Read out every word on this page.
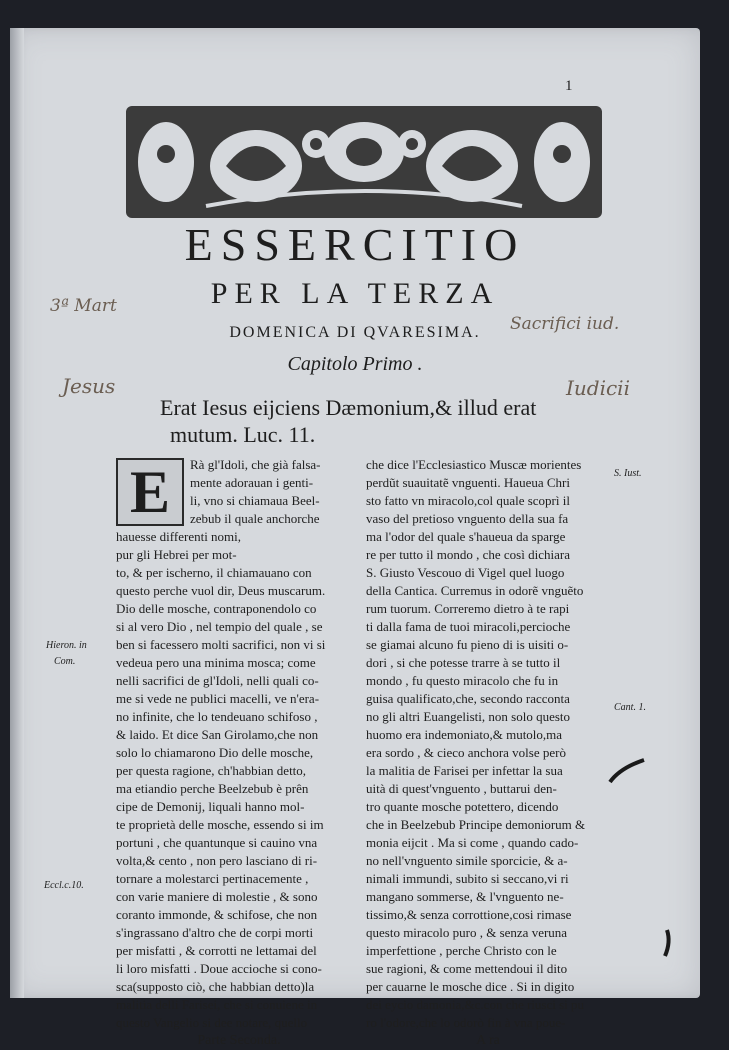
1
ESSERCITIO
PER LA TERZA
DOMENICA DI QVARESIMA.
Capitolo Primo .
3ª Mart
Sacrifici iud.
Jesus	Iudicii
Erat Iesus eijciens Dæmonium,& illud erat
mutum. Luc. 11.
Hieron. in
Com.
Eccl.c.10.
S. Iust.
Cant. 1.
E	Rà gl'Idoli, che già falsa-
mente adorauan i genti-
li, vno si chiamaua Beel-
zebub il quale anchorche
hauesse differenti nomi,
pur gli Hebrei per mot-
to, & per ischerno, il chiamauano con
questo perche vuol dir, Deus muscarum.
Dio delle mosche, contraponendolo co
si al vero Dio , nel tempio del quale , se
ben si facessero molti sacrifici, non vi si
vedeua pero una minima mosca; come
nelli sacrifici de gl'Idoli, nelli quali co-
me si vede ne publici macelli, ve n'era-
no infinite, che lo tendeuano schifoso ,
& laido. Et dice San Girolamo,che non
solo lo chiamarono Dio delle mosche,
per questa ragione, ch'habbian detto,
ma etiandio perche Beelzebub è prên
cipe de Demonij, liquali hanno mol-
te proprietà delle mosche, essendo si im
portuni , che quantunque si cauino vna
volta,& cento , non pero lasciano di ri-
tornare a molestarci pertinacemente ,
con varie maniere di molestie , & sono
coranto immonde, & schifose, che non
s'ingrassano d'altro che de corpi morti
per misfatti , & corrotti ne lettamai del
li loro misfatti . Doue accioche si cono-
sca(supposto ciò, che habbian detto)la
malitia delli Farisei, che si conuiene in
questo Vangelio si dee notare, quello
Parte Seconda.
che dice l'Ecclesiastico Muscæ morientes
perdũt suauitatẽ vnguenti. Haueua Chri
sto fatto vn miracolo,col quale scoprì il
vaso del pretioso vnguento della sua fa
ma l'odor del quale s'haueua da sparge
re per tutto il mondo , che così dichiara
S. Giusto Vescouo di Vigel quel luogo
della Cantica. Curremus in odorẽ vnguẽto
rum tuorum. Correremo dietro à te rapi
ti dalla fama de tuoi miracoli,percioche
se giamai alcuno fu pieno di is uisiti o-
dori , si che potesse trarre à se tutto il
mondo , fu questo miracolo che fu in
guisa qualificato,che, secondo racconta
no gli altri Euangelisti, non solo questo
huomo era indemoniato,& mutolo,ma
era sordo , & cieco anchora volse però
la malitia de Farisei per infettar la sua
uità di quest'vnguento , buttarui den-
tro quante mosche potettero, dicendo
che in Beelzebub Principe demoniorum &
monia eijcit . Ma si come , quando cado-
no nell'vnguento simile sporcicie, & a-
nimali immundi, subito si seccano,vi ri
mangano sommerse, & l'vnguento ne-
tissimo,& senza corrottione,cosi rimase
questo miracolo puro , & senza veruna
imperfettione , perche Christo con le
sue ragioni, & come mettendoui il dito
per cauarne le mosche dice . Si in digito
dei eycio damonia,&c.con che riusci si pu
ro l'odore,che lo odorò fin à vna poue-
A ra
